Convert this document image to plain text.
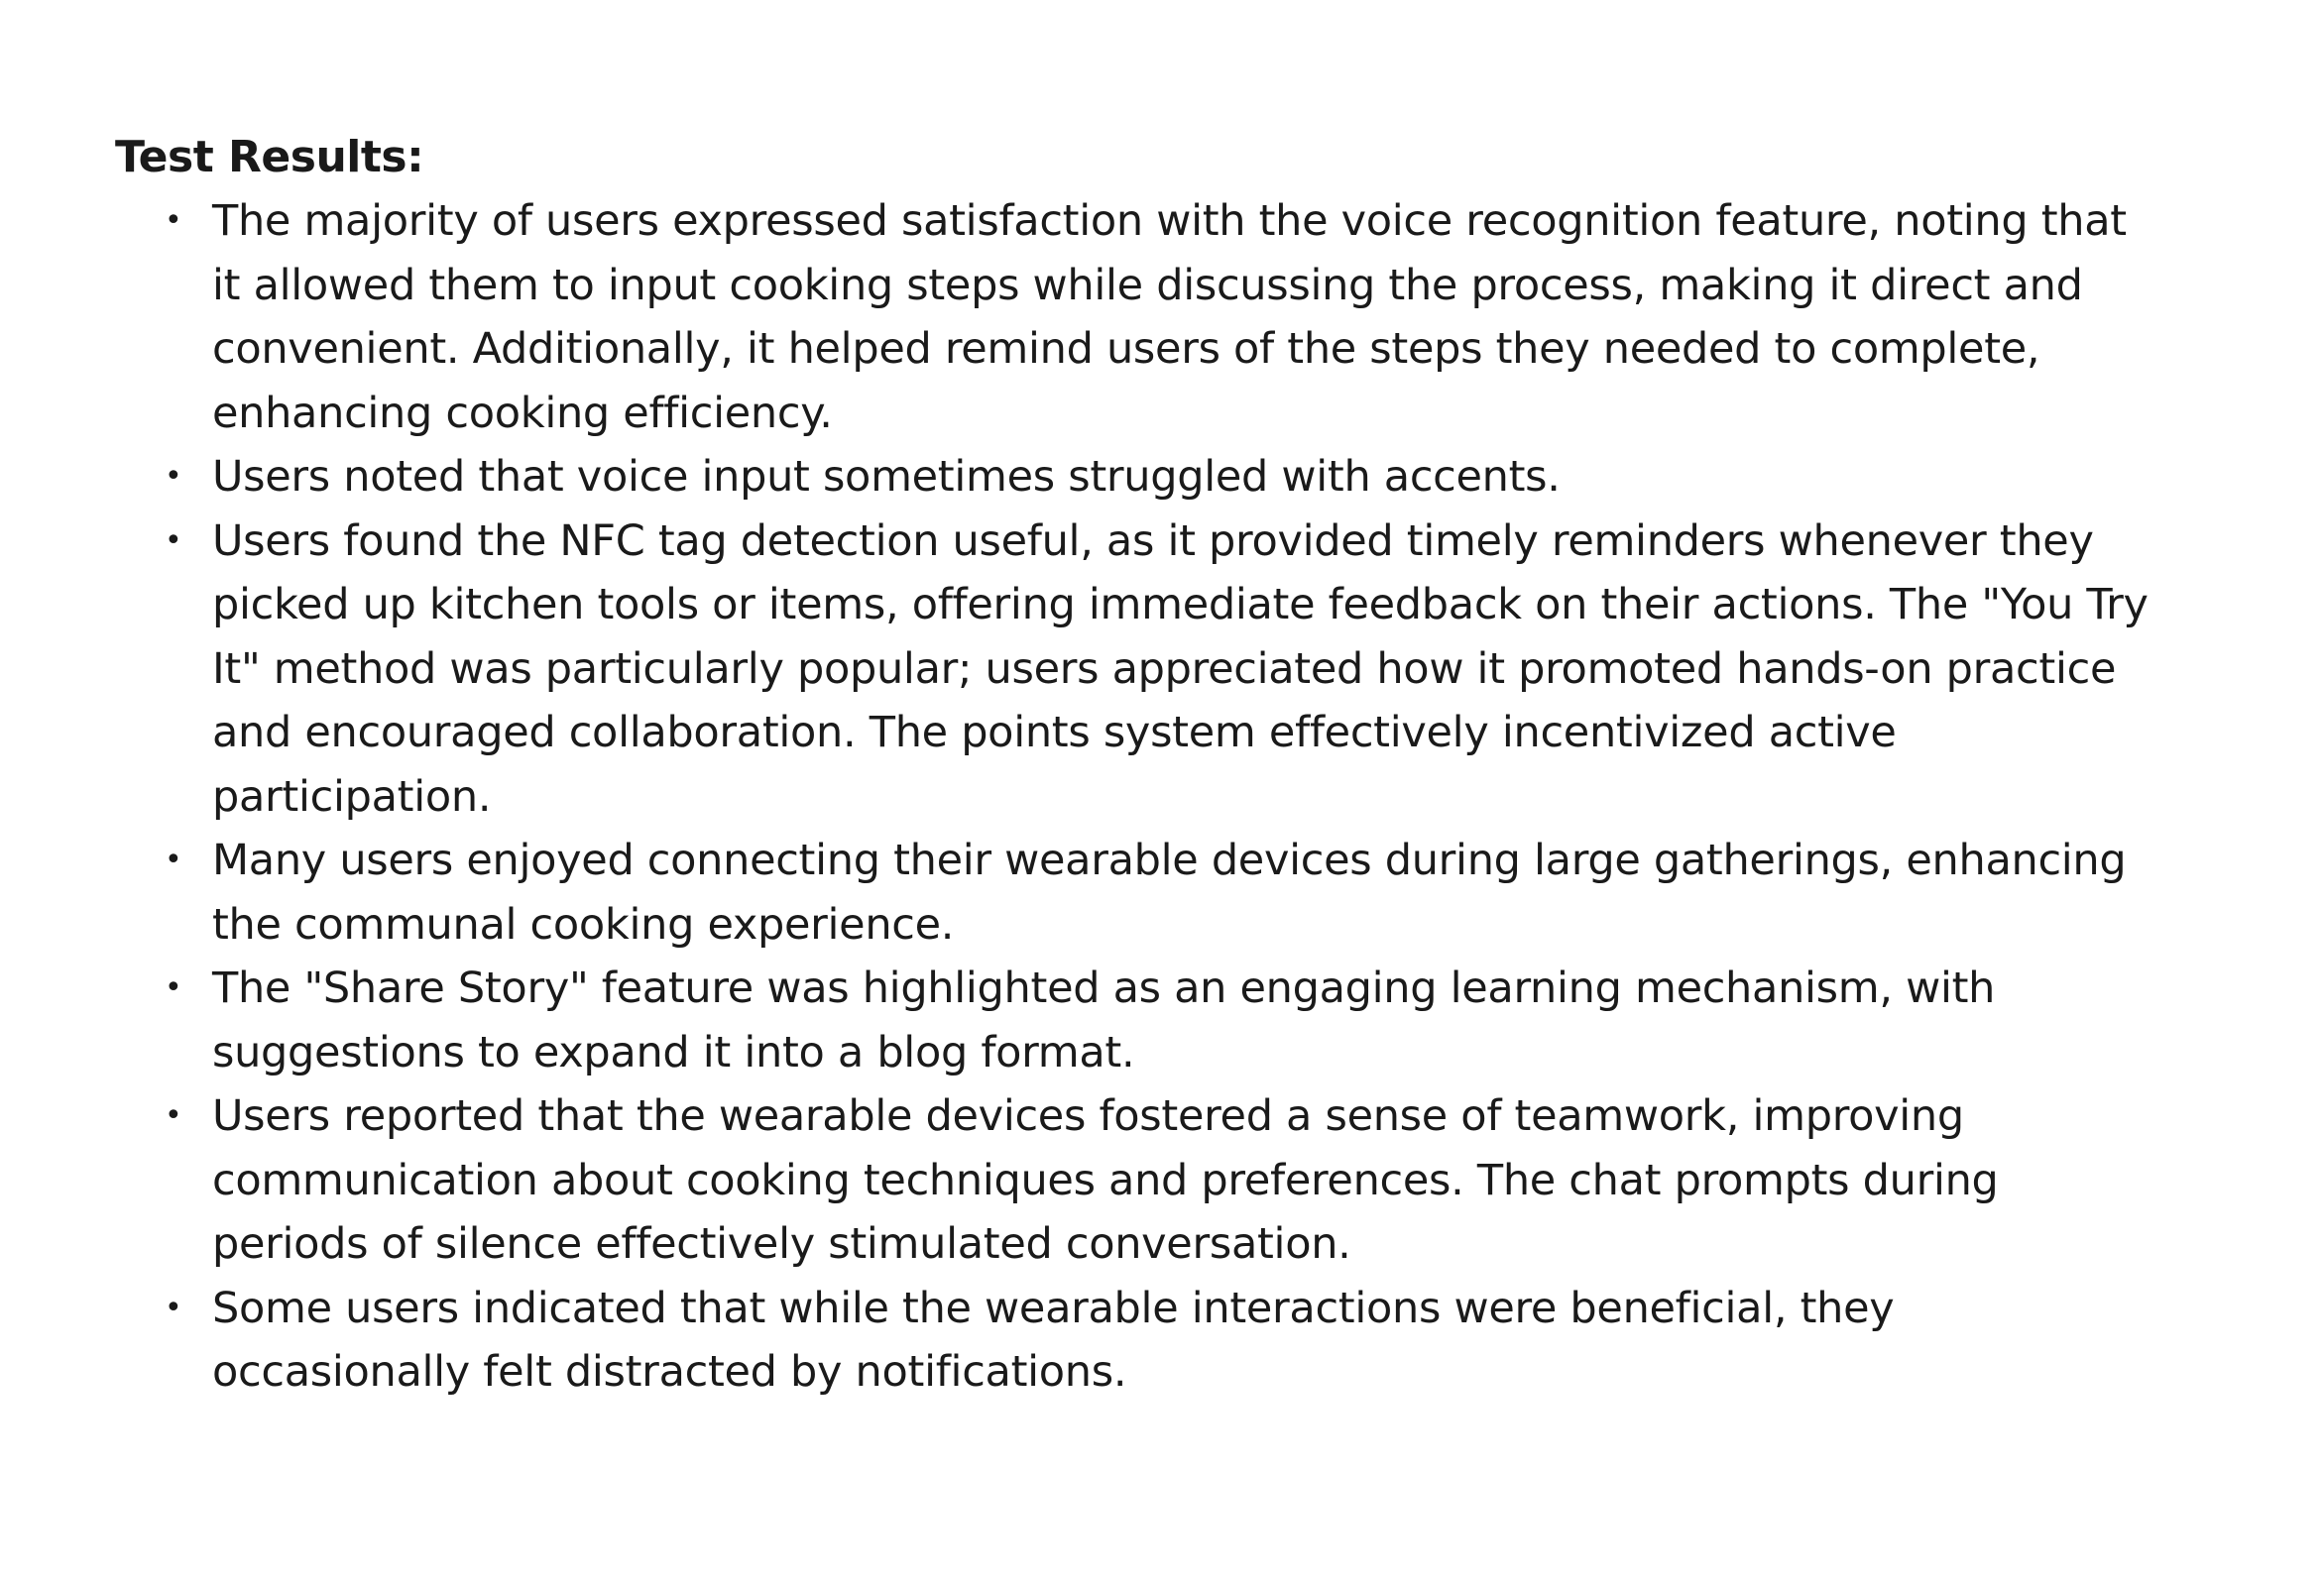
Test Results:

• The majority of users expressed satisfaction with the voice recognition feature, noting that it allowed them to input cooking steps while discussing the process, making it direct and convenient. Additionally, it helped remind users of the steps they needed to complete, enhancing cooking efficiency.
• Users noted that voice input sometimes struggled with accents.
• Users found the NFC tag detection useful, as it provided timely reminders whenever they picked up kitchen tools or items, offering immediate feedback on their actions. The "You Try It" method was particularly popular; users appreciated how it promoted hands-on practice and encouraged collaboration. The points system effectively incentivized active participation.
• Many users enjoyed connecting their wearable devices during large gatherings, enhancing the communal cooking experience.
• The "Share Story" feature was highlighted as an engaging learning mechanism, with suggestions to expand it into a blog format.
• Users reported that the wearable devices fostered a sense of teamwork, improving communication about cooking techniques and preferences. The chat prompts during periods of silence effectively stimulated conversation.
• Some users indicated that while the wearable interactions were beneficial, they occasionally felt distracted by notifications.
